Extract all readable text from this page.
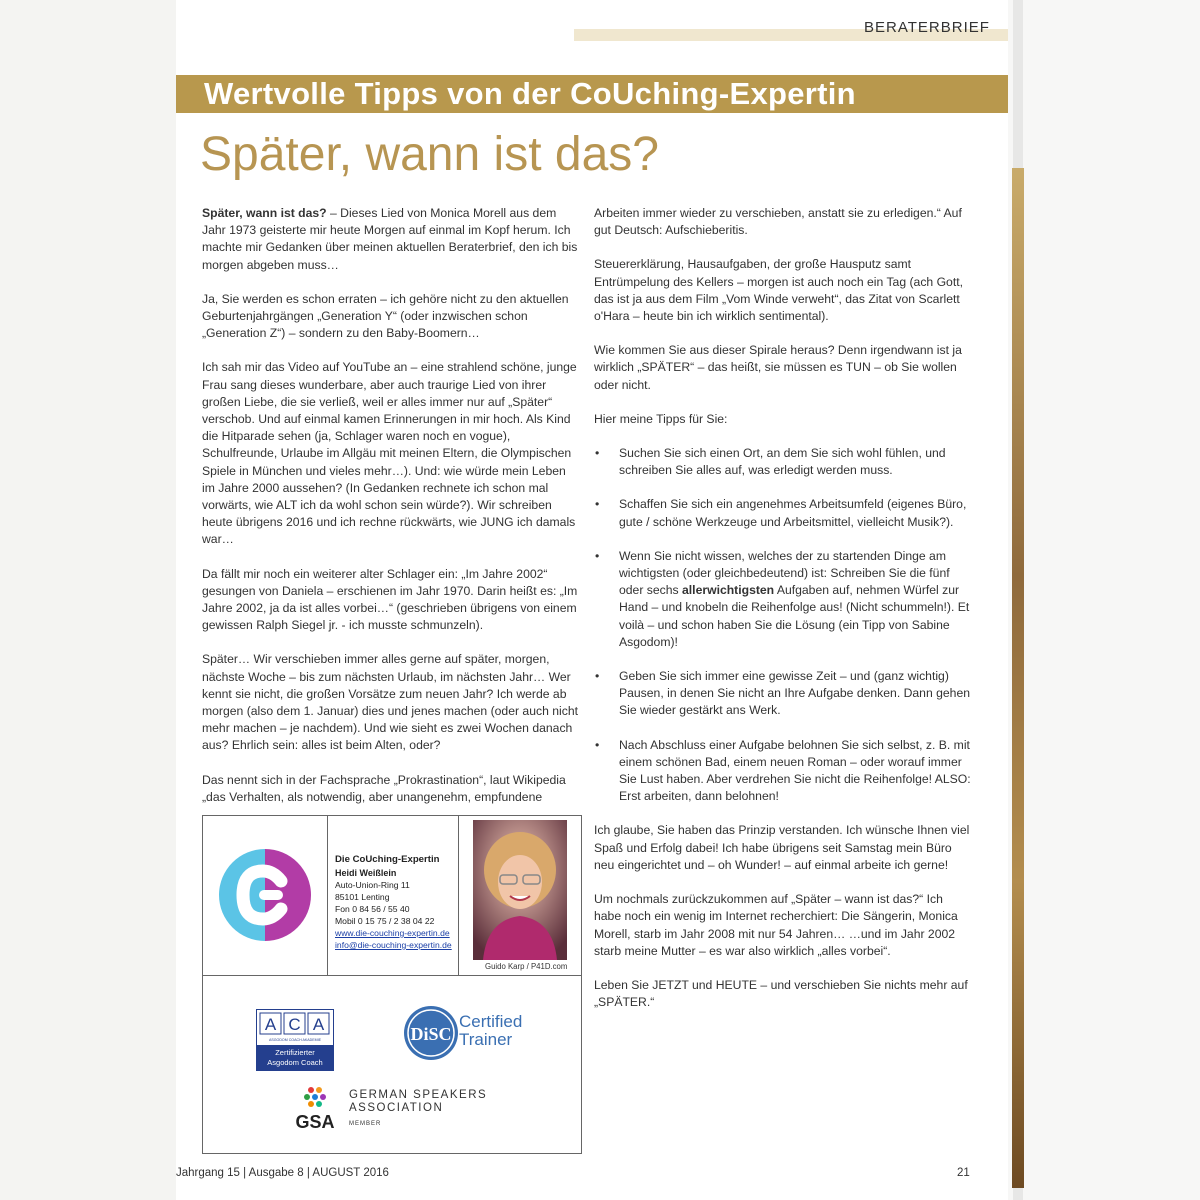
BERATERBRIEF
Wertvolle Tipps von der CoUching-Expertin
Später, wann ist das?

Später, wann ist das? – Dieses Lied von Monica Morell aus dem Jahr 1973 geisterte mir heute Morgen auf einmal im Kopf herum. Ich machte mir Gedanken über meinen aktuellen Beraterbrief, den ich bis morgen abgeben muss…

Ja, Sie werden es schon erraten – ich gehöre nicht zu den aktuellen Geburtenjahrgängen „Generation Y“ (oder inzwischen schon „Generation Z“) – sondern zu den Baby-Boomern…

Ich sah mir das Video auf YouTube an – eine strahlend schöne, junge Frau sang dieses wunderbare, aber auch traurige Lied von ihrer großen Liebe, die sie verließ, weil er alles immer nur auf „Später“ verschob. Und auf einmal kamen Erinnerungen in mir hoch. Als Kind die Hitparade sehen (ja, Schlager waren noch en vogue), Schulfreunde, Urlaube im Allgäu mit meinen Eltern, die Olympischen Spiele in München und vieles mehr…). Und: wie würde mein Leben im Jahre 2000 aussehen? (In Gedanken rechnete ich schon mal vorwärts, wie ALT ich da wohl schon sein würde?). Wir schreiben heute übrigens 2016 und ich rechne rückwärts, wie JUNG ich damals war…

Da fällt mir noch ein weiterer alter Schlager ein: „Im Jahre 2002“ gesungen von Daniela – erschienen im Jahr 1970. Darin heißt es: „Im Jahre 2002, ja da ist alles vorbei…“ (geschrieben übrigens von einem gewissen Ralph Siegel jr. - ich musste schmunzeln).

Später… Wir verschieben immer alles gerne auf später, morgen, nächste Woche – bis zum nächsten Urlaub, im nächsten Jahr… Wer kennt sie nicht, die großen Vorsätze zum neuen Jahr? Ich werde ab morgen (also dem 1. Januar) dies und jenes machen (oder auch nicht mehr machen – je nachdem). Und wie sieht es zwei Wochen danach aus? Ehrlich sein: alles ist beim Alten, oder?

Das nennt sich in der Fachsprache „Prokrastination“, laut Wikipedia „das Verhalten, als notwendig, aber unangenehm, empfundene

Arbeiten immer wieder zu verschieben, anstatt sie zu erledigen.“ Auf gut Deutsch: Aufschieberitis.

Steuererklärung, Hausaufgaben, der große Hausputz samt Entrümpelung des Kellers – morgen ist auch noch ein Tag (ach Gott, das ist ja aus dem Film „Vom Winde verweht“, das Zitat von Scarlett o'Hara – heute bin ich wirklich sentimental).

Wie kommen Sie aus dieser Spirale heraus? Denn irgendwann ist ja wirklich „SPÄTER“ – das heißt, sie müssen es TUN – ob Sie wollen oder nicht.

Hier meine Tipps für Sie:

• Suchen Sie sich einen Ort, an dem Sie sich wohl fühlen, und schreiben Sie alles auf, was erledigt werden muss.
• Schaffen Sie sich ein angenehmes Arbeitsumfeld (eigenes Büro, gute / schöne Werkzeuge und Arbeitsmittel, vielleicht Musik?).
• Wenn Sie nicht wissen, welches der zu startenden Dinge am wichtigsten (oder gleichbedeutend) ist: Schreiben Sie die fünf oder sechs allerwichtigsten Aufgaben auf, nehmen Würfel zur Hand – und knobeln die Reihenfolge aus! (Nicht schummeln!). Et voilà – und schon haben Sie die Lösung (ein Tipp von Sabine Asgodom)!
• Geben Sie sich immer eine gewisse Zeit – und (ganz wichtig) Pausen, in denen Sie nicht an Ihre Aufgabe denken. Dann gehen Sie wieder gestärkt ans Werk.
• Nach Abschluss einer Aufgabe belohnen Sie sich selbst, z. B. mit einem schönen Bad, einem neuen Roman – oder worauf immer Sie Lust haben. Aber verdrehen Sie nicht die Reihenfolge! ALSO: Erst arbeiten, dann belohnen!

Ich glaube, Sie haben das Prinzip verstanden. Ich wünsche Ihnen viel Spaß und Erfolg dabei! Ich habe übrigens seit Samstag mein Büro neu eingerichtet und – oh Wunder! – auf einmal arbeite ich gerne!

Um nochmals zurückzukommen auf „Später – wann ist das?“ Ich habe noch ein wenig im Internet recherchiert: Die Sängerin, Monica Morell, starb im Jahr 2008 mit nur 54 Jahren… …und im Jahr 2002 starb meine Mutter – es war also wirklich „alles vorbei“.

Leben Sie JETZT und HEUTE – und verschieben Sie nichts mehr auf „SPÄTER.“

Die CoUching-Expertin
Heidi Weißlein
Auto-Union-Ring 11
85101 Lenting
Fon 0 84 56 / 55 40
Mobil 0 15 75 / 2 38 04 22
www.die-couching-expertin.de
info@die-couching-expertin.de
Guido Karp / P41D.com
A C A
ASGODOM COACH AKADEMIE
Zertifizierter
Asgodom Coach
DiSC
Certified
Trainer
GSA
GERMAN SPEAKERS
ASSOCIATION
MEMBER
Jahrgang 15 | Ausgabe 8 | AUGUST 2016	21
